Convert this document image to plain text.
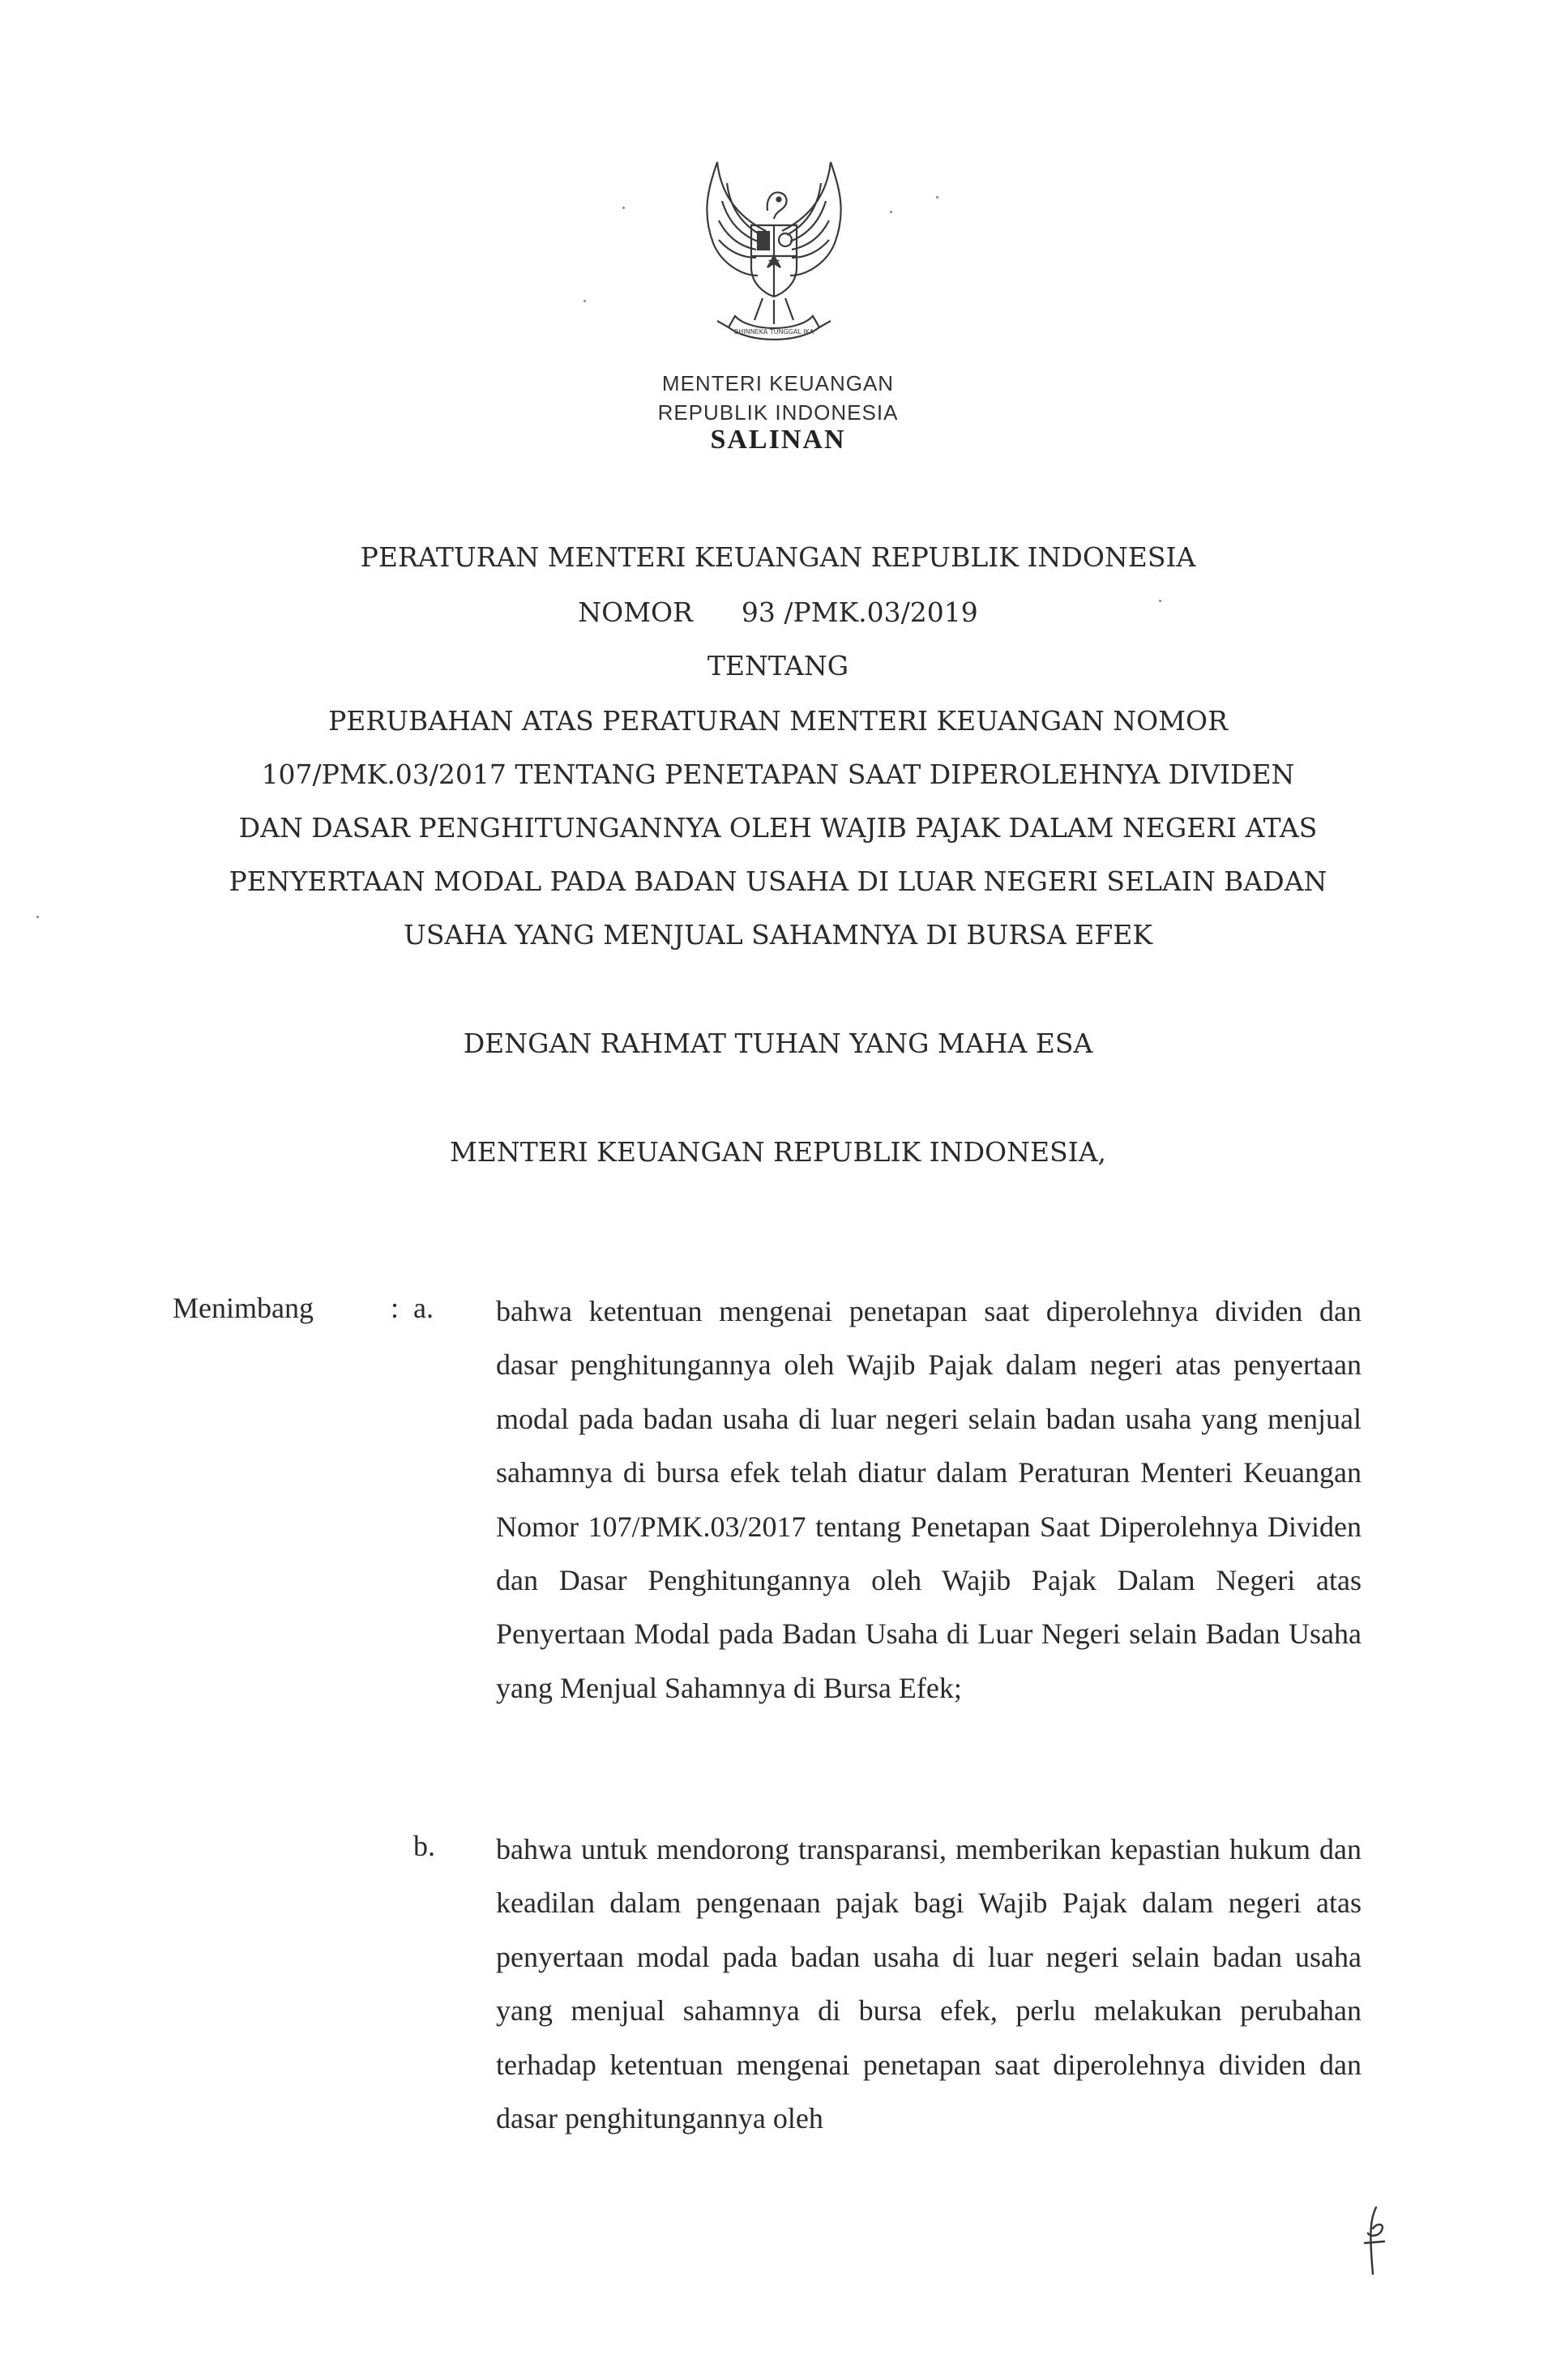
BHINNEKA TUNGGAL IKA
MENTERI KEUANGAN
REPUBLIK INDONESIA
SALINAN
PERATURAN MENTERI KEUANGAN REPUBLIK INDONESIA
NOMOR 93 /PMK.03/2019
TENTANG
PERUBAHAN ATAS PERATURAN MENTERI KEUANGAN NOMOR
107/PMK.03/2017 TENTANG PENETAPAN SAAT DIPEROLEHNYA DIVIDEN
DAN DASAR PENGHITUNGANNYA OLEH WAJIB PAJAK DALAM NEGERI ATAS
PENYERTAAN MODAL PADA BADAN USAHA DI LUAR NEGERI SELAIN BADAN
USAHA YANG MENJUAL SAHAMNYA DI BURSA EFEK
DENGAN RAHMAT TUHAN YANG MAHA ESA
MENTERI KEUANGAN REPUBLIK INDONESIA,
Menimbang	: a. bahwa ketentuan mengenai penetapan saat diperolehnya dividen dan dasar penghitungannya oleh Wajib Pajak dalam negeri atas penyertaan modal pada badan usaha di luar negeri selain badan usaha yang menjual sahamnya di bursa efek telah diatur dalam Peraturan Menteri Keuangan Nomor 107/PMK.03/2017 tentang Penetapan Saat Diperolehnya Dividen dan Dasar Penghitungannya oleh Wajib Pajak Dalam Negeri atas Penyertaan Modal pada Badan Usaha di Luar Negeri selain Badan Usaha yang Menjual Sahamnya di Bursa Efek;
b. bahwa untuk mendorong transparansi, memberikan kepastian hukum dan keadilan dalam pengenaan pajak bagi Wajib Pajak dalam negeri atas penyertaan modal pada badan usaha di luar negeri selain badan usaha yang menjual sahamnya di bursa efek, perlu melakukan perubahan terhadap ketentuan mengenai penetapan saat diperolehnya dividen dan dasar penghitungannya oleh
